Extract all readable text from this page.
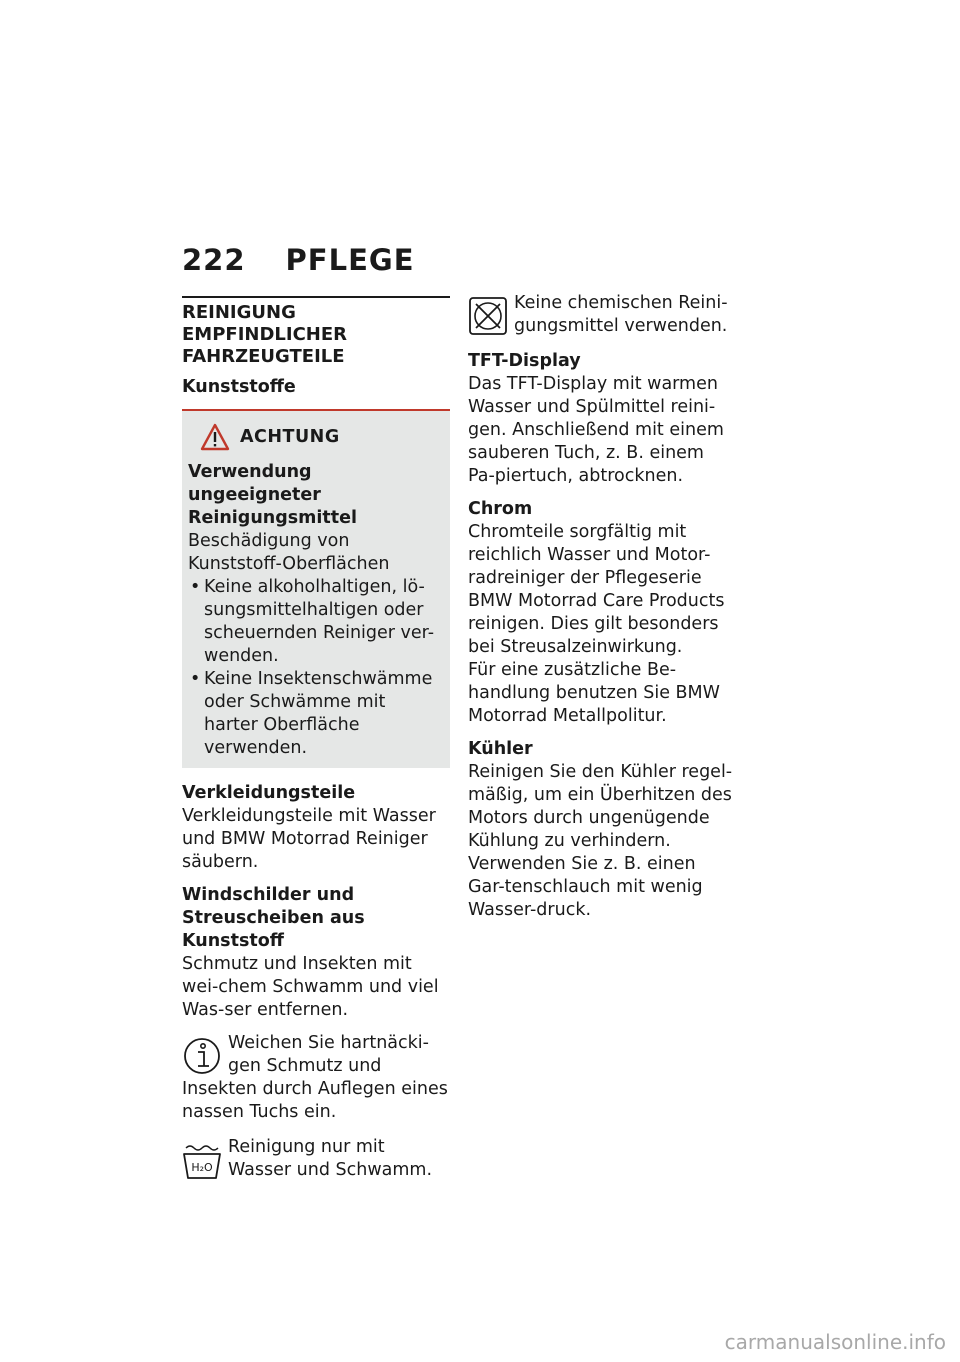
222 PFLEGE
REINIGUNG EMPFINDLICHER FAHRZEUGTEILE
Kunststoffe
ACHTUNG
Verwendung ungeeigneter Reinigungsmittel
Beschädigung von Kunststoff-Oberflächen
• Keine alkoholhaltigen, lö-sungsmittelhaltigen oder scheuernden Reiniger ver-wenden.
• Keine Insektenschwämme oder Schwämme mit harter Oberfläche verwenden.
Verkleidungsteile

Verkleidungsteile mit Wasser und BMW Motorrad Reiniger säubern.

Windschilder und Streuscheiben aus Kunststoff

Schmutz und Insekten mit wei-chem Schwamm und viel Was-ser entfernen.

Weichen Sie hartnäcki-gen Schmutz und Insekten durch Auflegen eines nassen Tuchs ein.
H₂O
Reinigung nur mit Wasser und Schwamm.
Keine chemischen Reini-gungsmittel verwenden.
TFT-Display

Das TFT-Display mit warmen Wasser und Spülmittel reini-gen. Anschließend mit einem sauberen Tuch, z. B. einem Pa-piertuch, abtrocknen.

Chrom
Chromteile sorgfältig mit reichlich Wasser und Motor-radreiniger der Pflegeserie BMW Motorrad Care Products reinigen. Dies gilt besonders bei Streusalzeinwirkung.

Für eine zusätzliche Be-handlung benutzen Sie BMW Motorrad Metallpolitur.

Kühler
Reinigen Sie den Kühler regel-mäßig, um ein Überhitzen des Motors durch ungenügende Kühlung zu verhindern.

Verwenden Sie z. B. einen Gar-tenschlauch mit wenig Wasser-druck.

carmanualsonline.info
